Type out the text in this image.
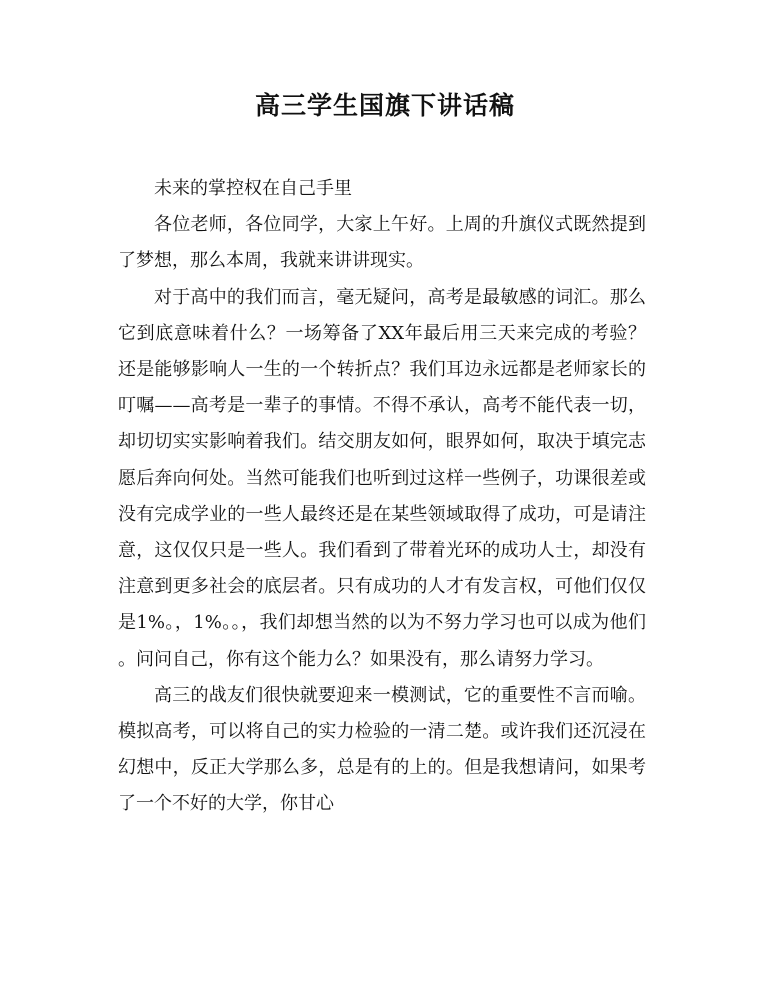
高三学生国旗下讲话稿

未来的掌控权在自己手里

各位老师，各位同学，大家上午好。上周的升旗仪式既然提到了梦想，那么本周，我就来讲讲现实。

对于高中的我们而言，毫无疑问，高考是最敏感的词汇。那么它到底意味着什么？一场筹备了XX年最后用三天来完成的考验？还是能够影响人一生的一个转折点？我们耳边永远都是老师家长的叮嘱——高考是一辈子的事情。不得不承认，高考不能代表一切，却切切实实影响着我们。结交朋友如何，眼界如何，取决于填完志愿后奔向何处。当然可能我们也听到过这样一些例子，功课很差或没有完成学业的一些人最终还是在某些领域取得了成功，可是请注意，这仅仅只是一些人。我们看到了带着光环的成功人士，却没有注意到更多社会的底层者。只有成功的人才有发言权，可他们仅仅是1%。，1%。。，我们却想当然的以为不努力学习也可以成为他们。问问自己，你有这个能力么？如果没有，那么请努力学习。

高三的战友们很快就要迎来一模测试，它的重要性不言而喻。模拟高考，可以将自己的实力检验的一清二楚。或许我们还沉浸在幻想中，反正大学那么多，总是有的上的。但是我想请问，如果考了一个不好的大学，你甘心
